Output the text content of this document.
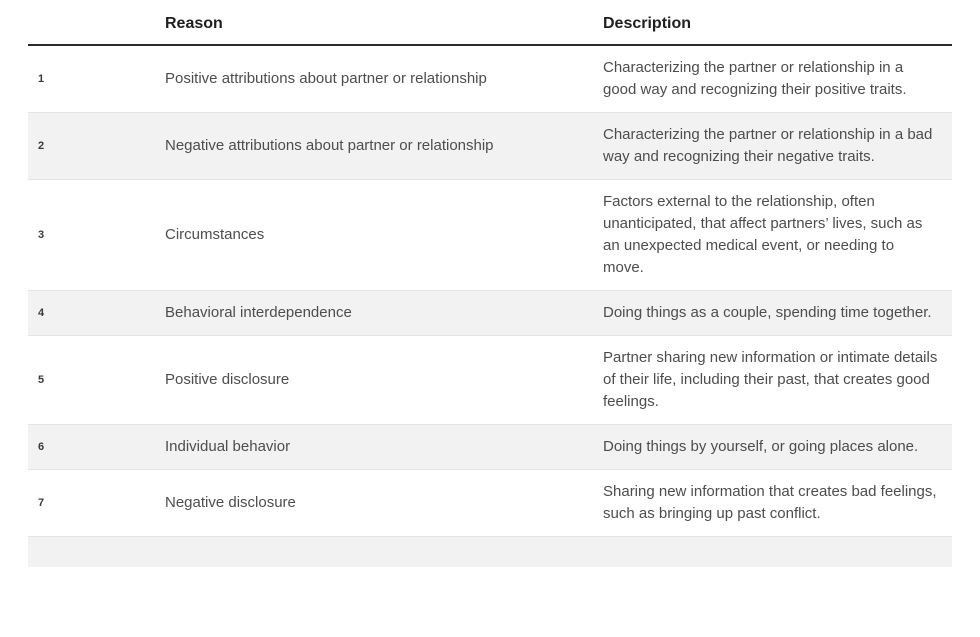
	Reason	Description
1	Positive attributions about partner or relationship	Characterizing the partner or relationship in a good way and recognizing their positive traits.
2	Negative attributions about partner or relationship	Characterizing the partner or relationship in a bad way and recognizing their negative traits.
3	Circumstances	Factors external to the relationship, often unanticipated, that affect partners’ lives, such as an unexpected medical event, or needing to move.
4	Behavioral interdependence	Doing things as a couple, spending time together.
5	Positive disclosure	Partner sharing new information or intimate details of their life, including their past, that creates good feelings.
6	Individual behavior	Doing things by yourself, or going places alone.
7	Negative disclosure	Sharing new information that creates bad feelings, such as bringing up past conflict.
